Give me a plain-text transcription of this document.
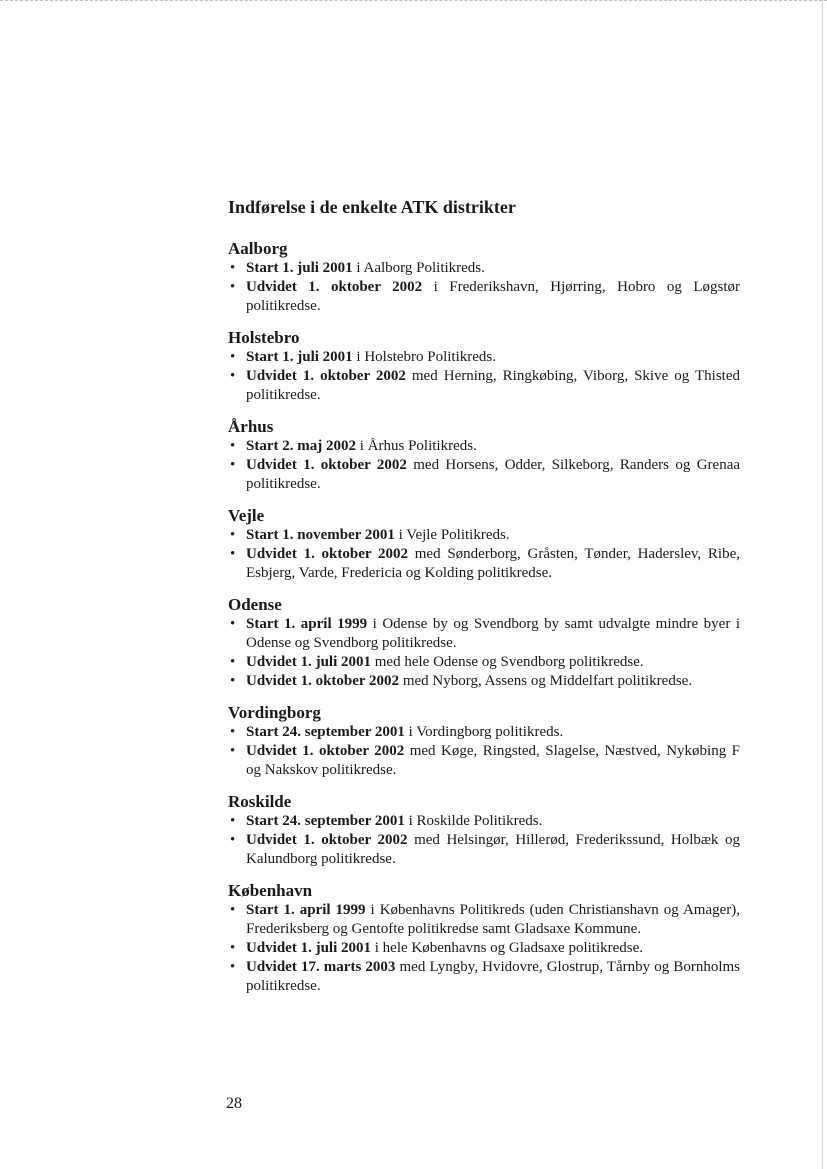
Indførelse i de enkelte ATK distrikter
Aalborg
• Start 1. juli 2001 i Aalborg Politikreds.
• Udvidet 1. oktober 2002 i Frederikshavn, Hjørring, Hobro og Løgstør politikredse.
Holstebro
• Start 1. juli 2001 i Holstebro Politikreds.
• Udvidet 1. oktober 2002 med Herning, Ringkøbing, Viborg, Skive og Thisted politikredse.
Århus
• Start 2. maj 2002 i Århus Politikreds.
• Udvidet 1. oktober 2002 med Horsens, Odder, Silkeborg, Randers og Grenaa politikredse.
Vejle
• Start 1. november 2001 i Vejle Politikreds.
• Udvidet 1. oktober 2002 med Sønderborg, Gråsten, Tønder, Haderslev, Ribe, Esbjerg, Varde, Fredericia og Kolding politikredse.
Odense
• Start 1. april 1999 i Odense by og Svendborg by samt udvalgte mindre byer i Odense og Svendborg politikredse.
• Udvidet 1. juli 2001 med hele Odense og Svendborg politikredse.
• Udvidet 1. oktober 2002 med Nyborg, Assens og Middelfart politikredse.
Vordingborg
• Start 24. september 2001 i Vordingborg politikreds.
• Udvidet 1. oktober 2002 med Køge, Ringsted, Slagelse, Næstved, Nykøbing F og Nakskov politikredse.
Roskilde
• Start 24. september 2001 i Roskilde Politikreds.
• Udvidet 1. oktober 2002 med Helsingør, Hillerød, Frederikssund, Holbæk og Kalundborg politikredse.
København
• Start 1. april 1999 i Københavns Politikreds (uden Christianshavn og Amager), Frederiksberg og Gentofte politikredse samt Gladsaxe Kommune.
• Udvidet 1. juli 2001 i hele Københavns og Gladsaxe politikredse.
• Udvidet 17. marts 2003 med Lyngby, Hvidovre, Glostrup, Tårnby og Bornholms politikredse.
28
